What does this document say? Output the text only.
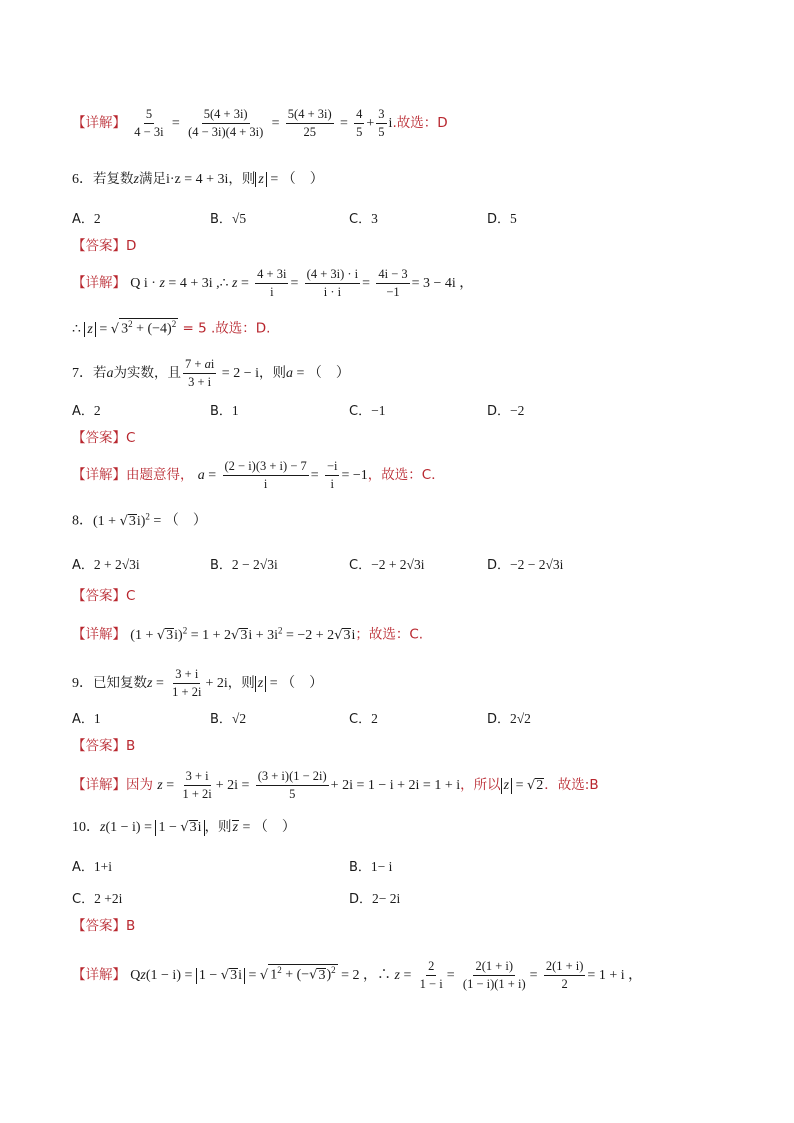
【详解】 $\frac{5}{4 - 3i} = \frac{5(4 + 3i)}{(4 - 3i)(4 + 3i)} = \frac{5(4 + 3i)}{25} = \frac{4}{5} + \frac{3}{5} i$.故选：D
6．若复数z满足i·z = 4 + 3i，则 z = （　）
A．2	B．√5	C．3	D．5
【答案】D
【详解】 Q i · z = 4 + 3i ,∴ $z = \frac{4 + 3i}{i} = \frac{(4 + 3i) \cdot i}{i \cdot i} = \frac{4i - 3}{-1} = 3 - 4i$ ，
∴ z = √ $3^2 + (-4)^2 = 5$ .故选：D.
7．若a为实数，且 $\frac{7 + ai}{3 + i} = 2 - i$，则a = （　）
A．2	B．1	C．−1	D．−2
【答案】C
【详解】由题意得， $a = \frac{(2 - i)(3 + i) - 7}{i} = \frac{-i}{i} = -1$，故选：C．
8．$(1 + √3i)^2$ = （　）
A．2 + 2√3i	B．2 − 2√3i	C．−2 + 2√3i	D．−2 − 2√3i
【答案】C
【详解】 $(1 + √3i)^2 = 1 + 2√3i + 3i^2 = -2 + 2√3i$；故选：C.
9．已知复数$z = \frac{3 + i}{1 + 2i} + 2i$，则 z = （　）
A．1	B．√2	C．2	D．2√2
【答案】B
【详解】因为 $z = \frac{3 + i}{1 + 2i} + 2i = \frac{(3 + i)(1 - 2i)}{5} + 2i = 1 - i + 2i = 1 + i$，所以 z = √2．故选:B
10．z(1 − i) = 1 − √3i ，则z = （　）
A．1+i	B．1− i
C．2 +2i	D．2− 2i
【答案】B
【详解】 Qz(1 − i) = 1 − √3i = √ $1^2 + (-√3)^2 = 2$ ，∴ $z = \frac{2}{1 - i} = \frac{2(1 + i)}{(1 - i)(1 + i)} = \frac{2(1 + i)}{2} = 1 + i$ ，
